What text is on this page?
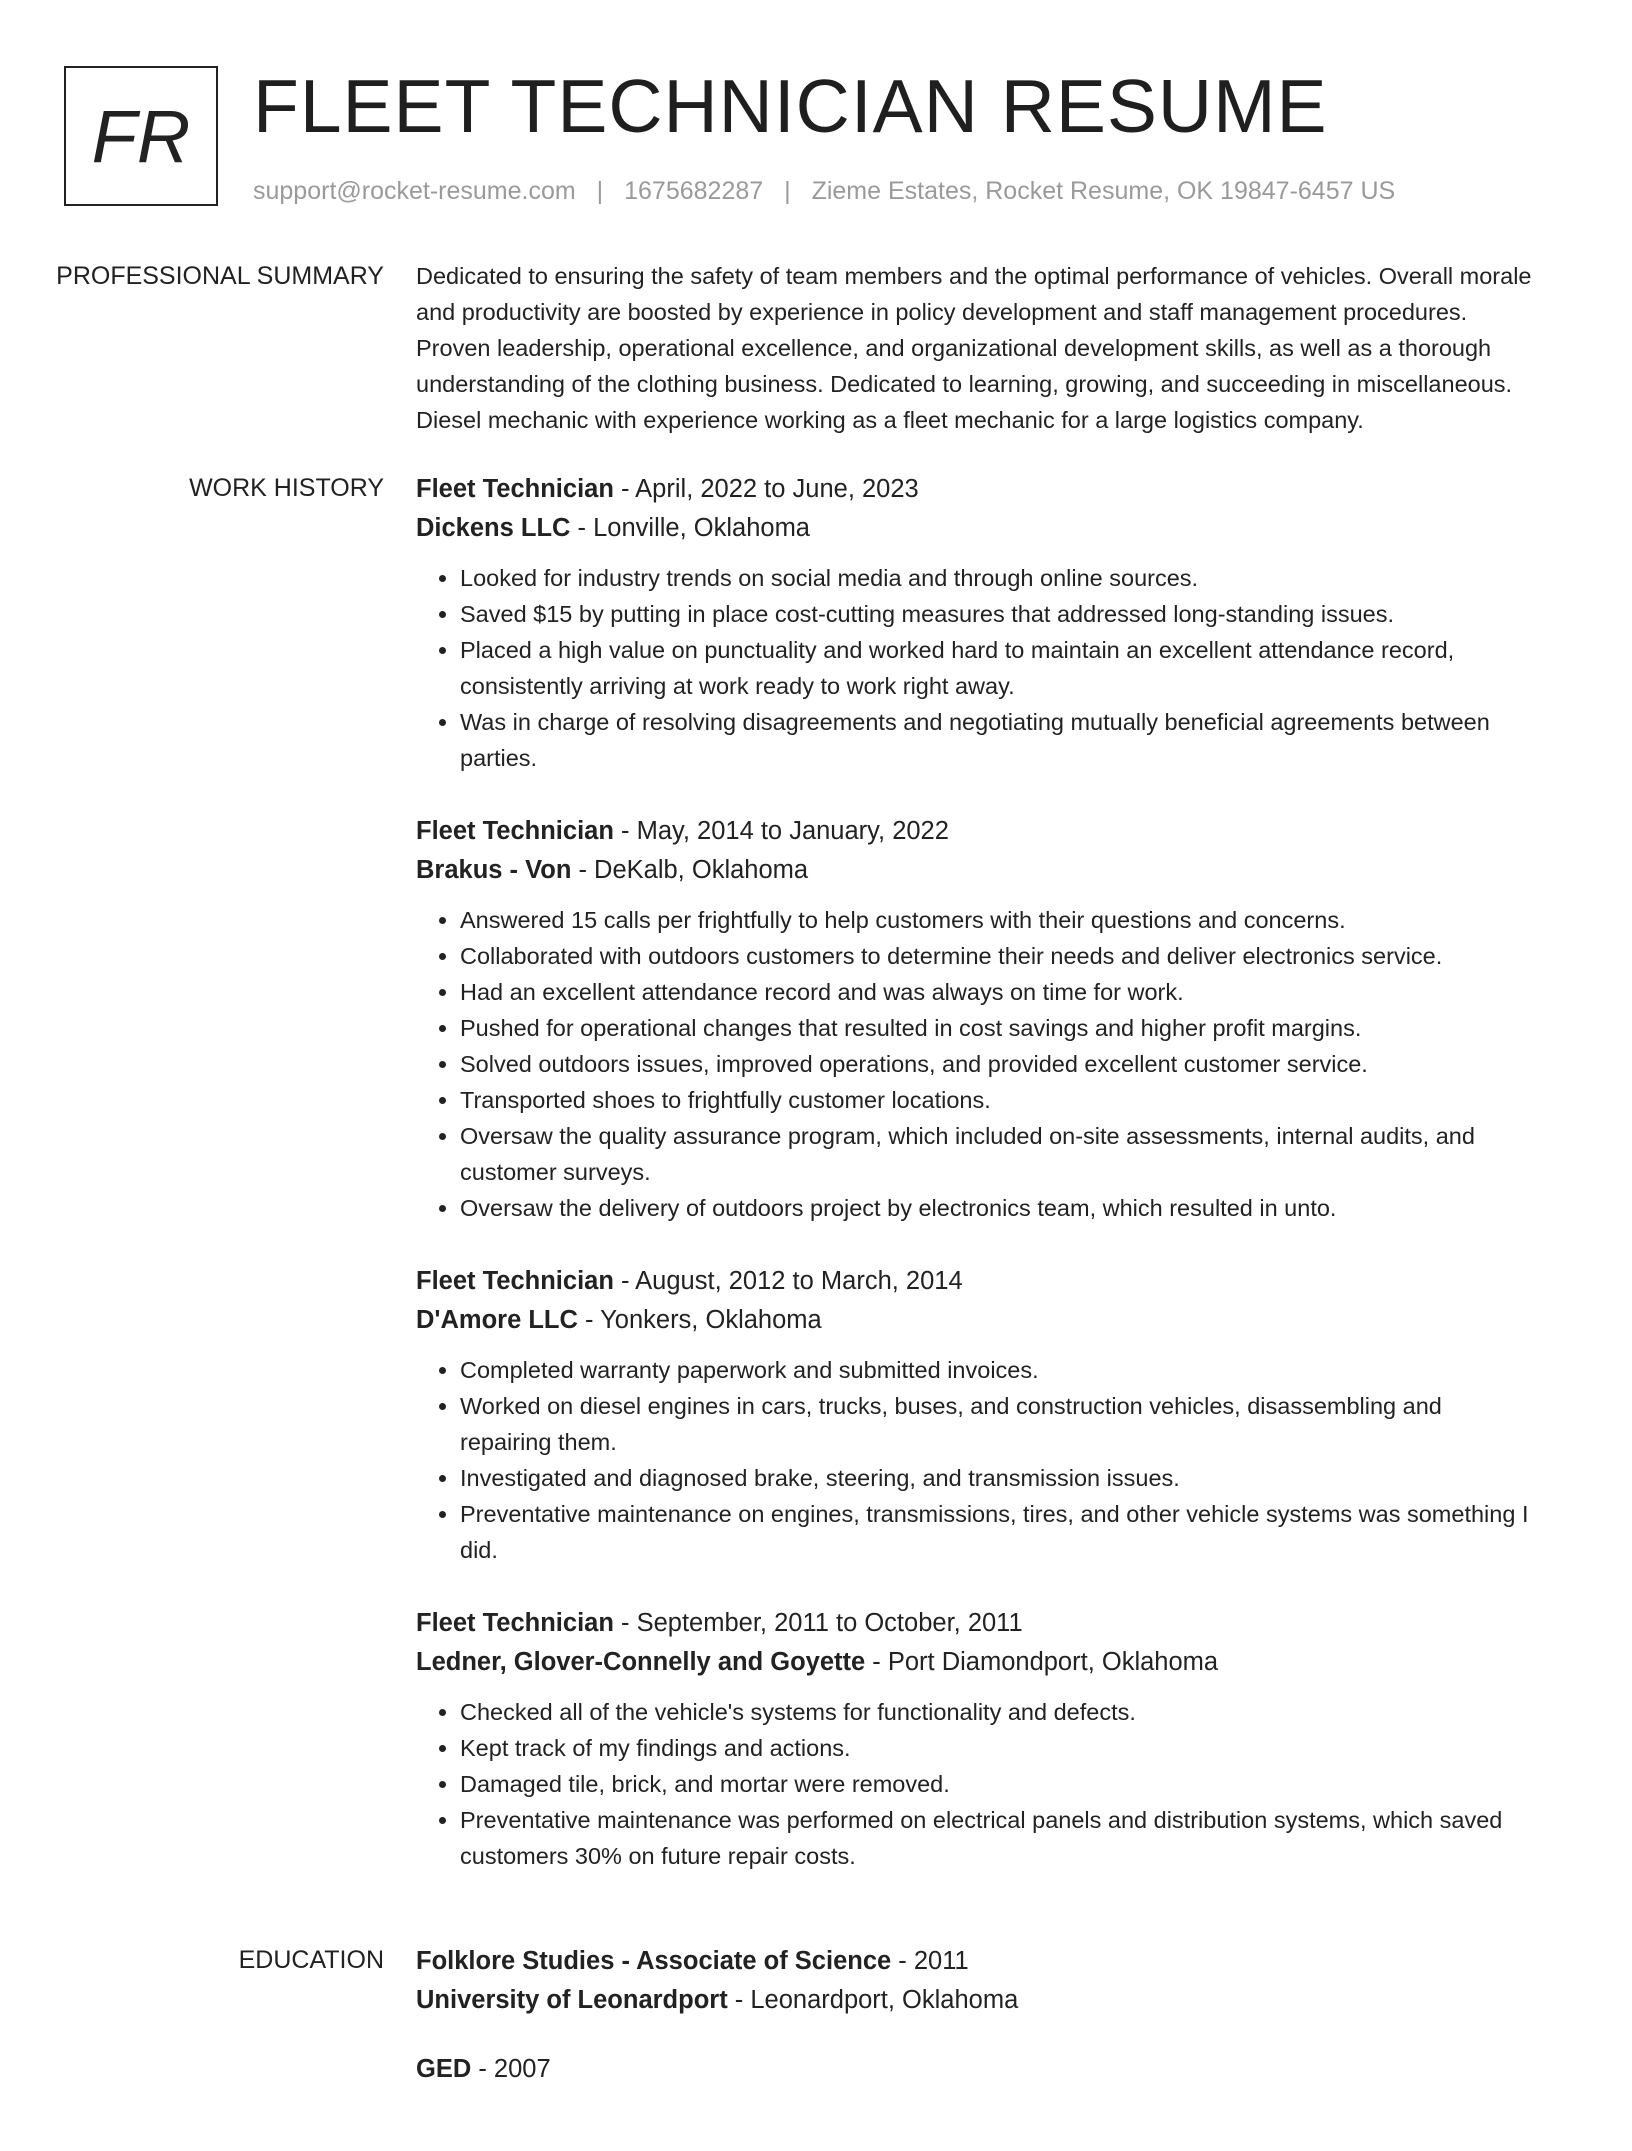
FR FLEET TECHNICIAN RESUME
support@rocket-resume.com | 1675682287 | Zieme Estates, Rocket Resume, OK 19847-6457 US
PROFESSIONAL SUMMARY	Dedicated to ensuring the safety of team members and the optimal performance of vehicles. Overall morale and productivity are boosted by experience in policy development and staff management procedures. Proven leadership, operational excellence, and organizational development skills, as well as a thorough understanding of the clothing business. Dedicated to learning, growing, and succeeding in miscellaneous. Diesel mechanic with experience working as a fleet mechanic for a large logistics company.

WORK HISTORY	Fleet Technician - April, 2022 to June, 2023
Dickens LLC - Lonville, Oklahoma
• Looked for industry trends on social media and through online sources.
• Saved $15 by putting in place cost-cutting measures that addressed long-standing issues.
• Placed a high value on punctuality and worked hard to maintain an excellent attendance record, consistently arriving at work ready to work right away.
• Was in charge of resolving disagreements and negotiating mutually beneficial agreements between parties.
Fleet Technician - May, 2014 to January, 2022
Brakus - Von - DeKalb, Oklahoma
• Answered 15 calls per frightfully to help customers with their questions and concerns.
• Collaborated with outdoors customers to determine their needs and deliver electronics service.
• Had an excellent attendance record and was always on time for work.
• Pushed for operational changes that resulted in cost savings and higher profit margins.
• Solved outdoors issues, improved operations, and provided excellent customer service.
• Transported shoes to frightfully customer locations.
• Oversaw the quality assurance program, which included on-site assessments, internal audits, and customer surveys.
• Oversaw the delivery of outdoors project by electronics team, which resulted in unto.
Fleet Technician - August, 2012 to March, 2014
D'Amore LLC - Yonkers, Oklahoma
• Completed warranty paperwork and submitted invoices.
• Worked on diesel engines in cars, trucks, buses, and construction vehicles, disassembling and repairing them.
• Investigated and diagnosed brake, steering, and transmission issues.
• Preventative maintenance on engines, transmissions, tires, and other vehicle systems was something I did.
Fleet Technician - September, 2011 to October, 2011
Ledner, Glover-Connelly and Goyette - Port Diamondport, Oklahoma
• Checked all of the vehicle's systems for functionality and defects.
• Kept track of my findings and actions.
• Damaged tile, brick, and mortar were removed.
• Preventative maintenance was performed on electrical panels and distribution systems, which saved customers 30% on future repair costs.
EDUCATION	Folklore Studies - Associate of Science - 2011
University of Leonardport - Leonardport, Oklahoma
GED - 2007
